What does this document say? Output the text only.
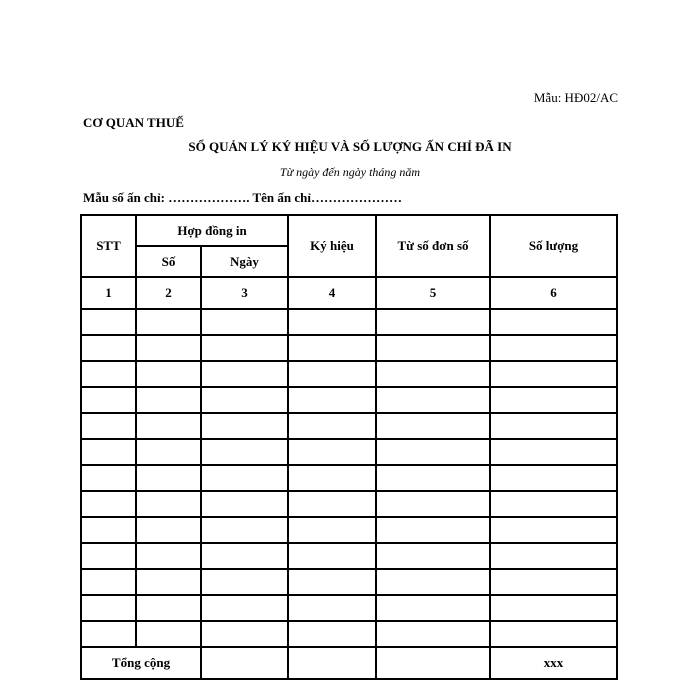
Mẫu: HĐ02/AC
CƠ QUAN THUẾ
SỔ QUẢN LÝ KÝ HIỆU VÀ SỐ LƯỢNG ẤN CHỈ ĐÃ IN
Từ ngày đến ngày tháng năm
Mẫu số ấn chỉ: ………………. Tên ấn chỉ…………………
STT	Hợp đồng in		Ký hiệu	Từ số đơn số	Số lượng
	Số	Ngày			
1	2	3	4	5	6

Tổng cộng					xxx
